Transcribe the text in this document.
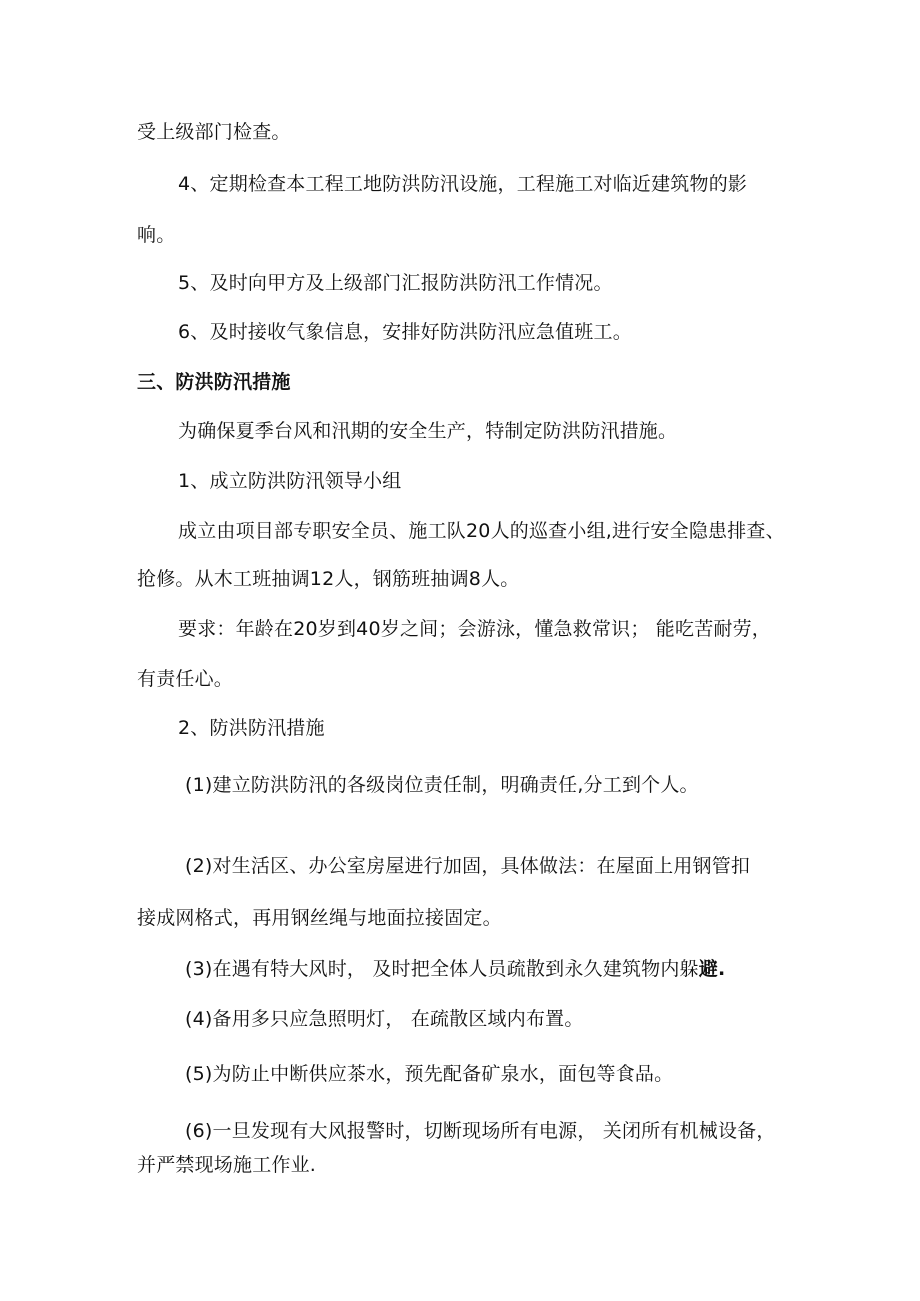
受上级部门检查。

4、定期检查本工程工地防洪防汛设施，工程施工对临近建筑物的影

响。

5、及时向甲方及上级部门汇报防洪防汛工作情况。

6、及时接收气象信息，安排好防洪防汛应急值班工。

三、防洪防汛措施

为确保夏季台风和汛期的安全生产，特制定防洪防汛措施。

1、成立防洪防汛领导小组

成立由项目部专职安全员、施工队20人的巡查小组,进行安全隐患排查、

抢修。从木工班抽调12人，钢筋班抽调8人。

要求：年龄在20岁到40岁之间；会游泳，懂急救常识； 能吃苦耐劳，

有责任心。

2、防洪防汛措施

(1)建立防洪防汛的各级岗位责任制，明确责任,分工到个人。

(2)对生活区、办公室房屋进行加固，具体做法：在屋面上用钢管扣

接成网格式，再用钢丝绳与地面拉接固定。

(3)在遇有特大风时， 及时把全体人员疏散到永久建筑物内躲避.

(4)备用多只应急照明灯， 在疏散区域内布置。

(5)为防止中断供应茶水，预先配备矿泉水，面包等食品。

(6)一旦发现有大风报警时，切断现场所有电源， 关闭所有机械设备，

并严禁现场施工作业.
